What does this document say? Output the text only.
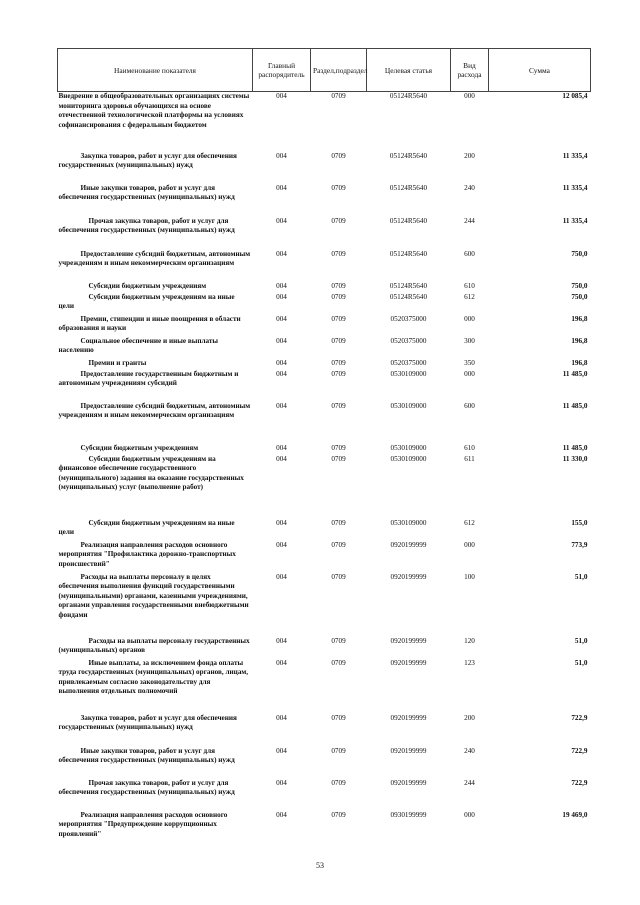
Наименование показателя	Главный распорядитель	Раздел,подраздел	Целевая статья	Вид расхода	Сумма
Внедрение в общеобразовательных организациях системы мониторинга здоровья обучающихся на основе отечественной технологической платформы на условиях софинансирования с федеральным бюджетом	004	0709	05124R5640	000	12 085,4
Закупка товаров, работ и услуг для обеспечения государственных (муниципальных) нужд	004	0709	05124R5640	200	11 335,4
Иные закупки товаров, работ и услуг для обеспечения государственных (муниципальных) нужд	004	0709	05124R5640	240	11 335,4
Прочая закупка товаров, работ и услуг для обеспечения государственных (муниципальных) нужд	004	0709	05124R5640	244	11 335,4
Предоставление субсидий бюджетным, автономным учреждениям и иным некоммерческим организациям	004	0709	05124R5640	600	750,0
Субсидии бюджетным учреждениям	004	0709	05124R5640	610	750,0
Субсидии бюджетным учреждениям на иные цели	004	0709	05124R5640	612	750,0
Премии, стипендии и иные поощрения в области образования и науки	004	0709	0520375000	000	196,8
Социальное обеспечение и иные выплаты населению	004	0709	0520375000	300	196,8
Премии и гранты	004	0709	0520375000	350	196,8
Предоставление государственным бюджетным и автономным учреждениям субсидий	004	0709	0530109000	000	11 485,0
Предоставление субсидий бюджетным, автономным учреждениям и иным некоммерческим организациям	004	0709	0530109000	600	11 485,0
Субсидии бюджетным учреждениям	004	0709	0530109000	610	11 485,0
Субсидии бюджетным учреждениям на финансовое обеспечение государственного (муниципального) задания на оказание государственных (муниципальных) услуг (выполнение работ)	004	0709	0530109000	611	11 330,0
Субсидии бюджетным учреждениям на иные цели	004	0709	0530109000	612	155,0
Реализация направления расходов основного мероприятия "Профилактика дорожно-транспортных происшествий"	004	0709	0920199999	000	773,9
Расходы на выплаты персоналу в целях обеспечения выполнения функций государственными (муниципальными) органами, казенными учреждениями, органами управления государственными внебюджетными фондами	004	0709	0920199999	100	51,0
Расходы на выплаты персоналу государственных (муниципальных) органов	004	0709	0920199999	120	51,0
Иные выплаты, за исключением фонда оплаты труда государственных (муниципальных) органов, лицам, привлекаемым согласно законодательству для выполнения отдельных полномочий	004	0709	0920199999	123	51,0
Закупка товаров, работ и услуг для обеспечения государственных (муниципальных) нужд	004	0709	0920199999	200	722,9
Иные закупки товаров, работ и услуг для обеспечения государственных (муниципальных) нужд	004	0709	0920199999	240	722,9
Прочая закупка товаров, работ и услуг для обеспечения государственных (муниципальных) нужд	004	0709	0920199999	244	722,9
Реализация направления расходов основного мероприятия "Предупреждение коррупционных проявлений"	004	0709	0930199999	000	19 469,0
53
